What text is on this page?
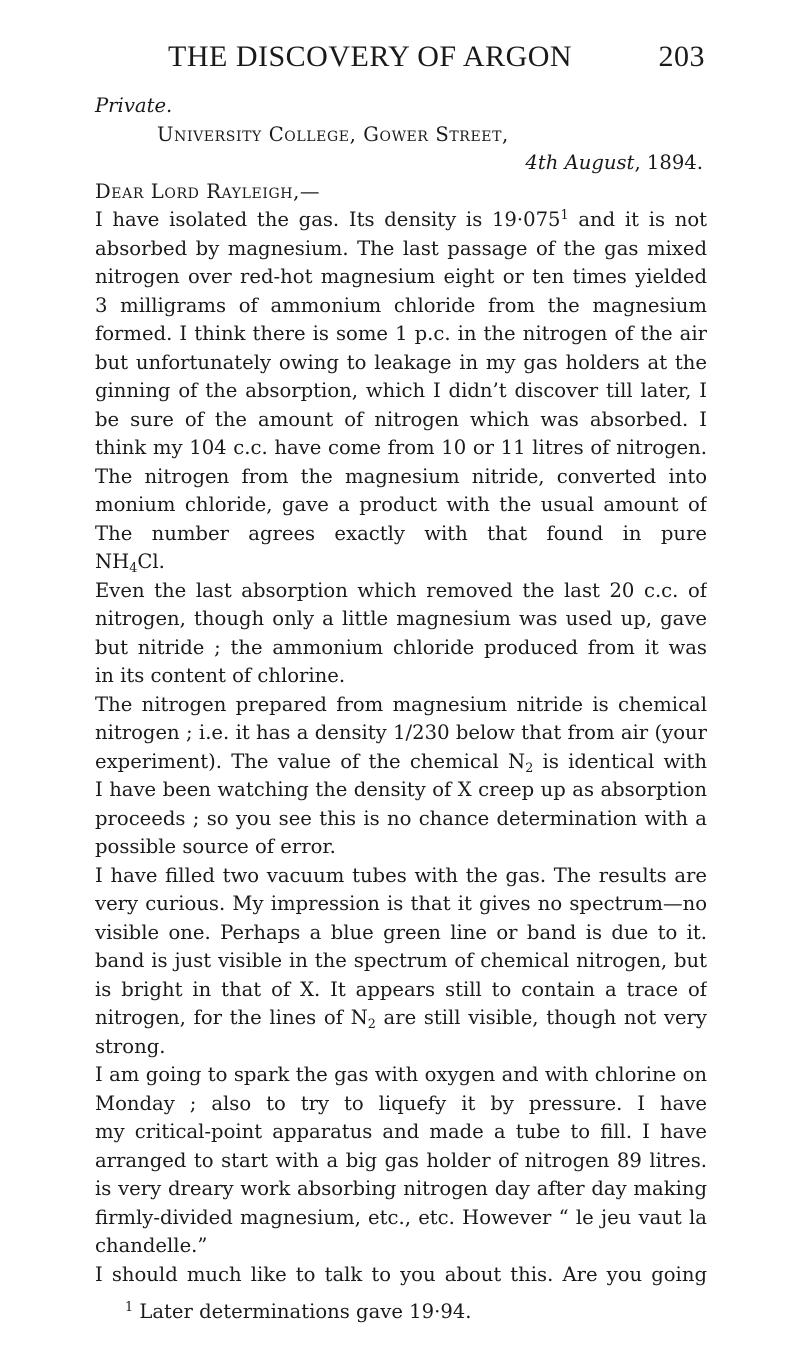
THE DISCOVERY OF ARGON	203
Private.
University College, Gower Street,
4th August, 1894.
Dear Lord Rayleigh,—
I have isolated the gas. Its density is $19\cdot 075^1$ and it is not
absorbed by magnesium. The last passage of the gas mixed
nitrogen over red-hot magnesium eight or ten times yielded
3 milligrams of ammonium chloride from the magnesium
formed. I think there is some 1 p.c. in the nitrogen of the air
but unfortunately owing to leakage in my gas holders at the
ginning of the absorption, which I didn’t discover till later, I
be sure of the amount of nitrogen which was absorbed. I
think my 104 c.c. have come from 10 or 11 litres of nitrogen.
The nitrogen from the magnesium nitride, converted into
monium chloride, gave a product with the usual amount of
The number agrees exactly with that found in pure
$NH_4Cl$.
Even the last absorption which removed the last 20 c.c. of
nitrogen, though only a little magnesium was used up, gave
but nitride ; the ammonium chloride produced from it was
in its content of chlorine.
The nitrogen prepared from magnesium nitride is chemical
nitrogen ; i.e. it has a density 1/230 below that from air (your
experiment). The value of the chemical $N_2$ is identical with
I have been watching the density of X creep up as absorption
proceeds ; so you see this is no chance determination with a
possible source of error.
I have filled two vacuum tubes with the gas. The results are
very curious. My impression is that it gives no spectrum—no
visible one. Perhaps a blue green line or band is due to it.
band is just visible in the spectrum of chemical nitrogen, but
is bright in that of X. It appears still to contain a trace of
nitrogen, for the lines of $N_2$ are still visible, though not very
strong.
I am going to spark the gas with oxygen and with chlorine on
Monday ; also to try to liquefy it by pressure. I have
my critical-point apparatus and made a tube to fill. I have
arranged to start with a big gas holder of nitrogen 89 litres.
is very dreary work absorbing nitrogen day after day making
firmly-divided magnesium, etc., etc. However “ le jeu vaut la
chandelle.”
I should much like to talk to you about this. Are you going
$^1$ Later determinations gave 19·94.
